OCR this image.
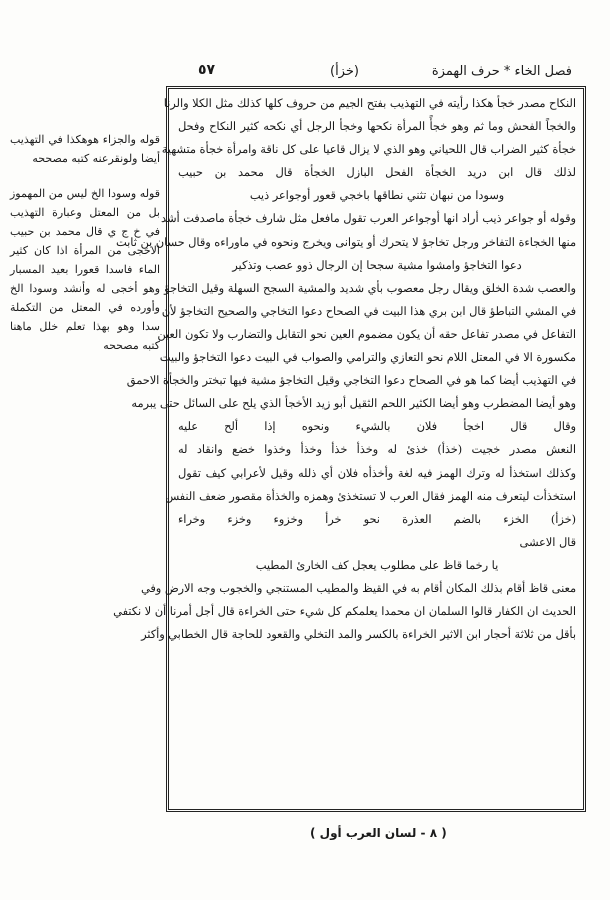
فصل الخاء * حرف الهمزة
(خزأ)
٥٧
النكاح مصدر خجأ هكذا رأيته في التهذيب بفتح الجيم من حروف كلها كذلك مثل الكلا والرنا
والخجاً الفحش وما ثم وهو خجأً المرأة نكحها وخجأ الرجل أي نكحه كثير النكاح وفحل
خجأة كثير الضراب قال اللحياني وهو الذي لا يزال قاعيا على كل ناقة وامرأة خجأة متشهية
لذلك قال ابن دريد الخجأة الفحل البازل الخجأة قال محمد بن حبيب
وسودا من نبهان تثني نطاقها باخجي قعور أوجواعر ذيب
وقوله أو جواعر ذيب أراد انها أوجواعر العرب تقول مافعل مثل شارف خجأة ماصدفت أشد
منها الخجاءة التفاخر ورجل تخاجؤ لا يتحرك أو يتوانى ويخرج ونحوه في ماوراءه وقال حسان بن ثابت
دعوا التخاجؤ وامشوا مشية سجحا إن الرجال ذوو عصب وتذكير
والعصب شدة الخلق ويقال رجل معصوب بأي شديد والمشية السجح السهلة وقيل التخاجؤ
في المشي التباطؤ قال ابن بري هذا البيت في الصحاح دعوا التخاجي والصحيح التخاجؤ لأن
التفاعل في مصدر تفاعل حقه أن يكون مضموم العين نحو التقابل والتضارب ولا تكون العين
مكسورة الا في المعتل اللام نحو التعازي والترامي والصواب في البيت دعوا التخاجؤ والبيت
في التهذيب أيضا كما هو في الصحاح دعوا التخاجي وقيل التخاجؤ مشية فيها تبختر والخجأة الاحمق
وهو أيضا المضطرب وهو أيضا الكثير اللحم الثقيل أبو زيد الأخجأ الذي يلح على السائل حتى يبرمه
وقال قال اخجأ فلان بالشيء ونحوه إذا ألح عليه
النعش مصدر خجيت (خذأ) خذئ له وخذأ خذأ وخذأ وخذوا خضع وانقاد له
وكذلك استخذأ له وترك الهمز فيه لغة وأخذأه فلان أي ذلله وقيل لأعرابي كيف تقول
استخذأت ليتعرف منه الهمز فقال العرب لا تستخذئ وهمزه والخذأة مقصور ضعف النفس
(خزأ) الخزء بالضم العذرة نحو خرأ وخزوء وخزء وخراء
قال الاعشى
يا رخما قاظ على مطلوب يعجل كف الخارئ المطيب
معنى قاظ أقام بذلك المكان أقام به في القيظ والمطيب المستنجي والخجوب وجه الارض وفي
الحديث ان الكفار قالوا السلمان ان محمدا يعلمكم كل شيء حتى الخراءة قال أجل أمرنا أن لا نكتفي
بأقل من ثلاثة أحجار ابن الاثير الخراءة بالكسر والمد التخلي والقعود للحاجة قال الخطابي وأكثر

قوله والجزاء هوهكذا في التهذيب أيضا ولونقرعنه كتبه مصححه

قوله وسودا الخ ليس من المهموز بل من المعتل وعبارة التهذيب في خ ج ي قال محمد بن حبيب الاخجى من المرأة اذا كان كثير الماء فاسدا قعورا بعيد المسبار وهو أخجى له وأنشد وسودا الخ وأورده في المعتل من التكملة سدا وهو بهذا تعلم خلل ماهنا كتبه مصححه

( ٨ - لسان العرب أول )
